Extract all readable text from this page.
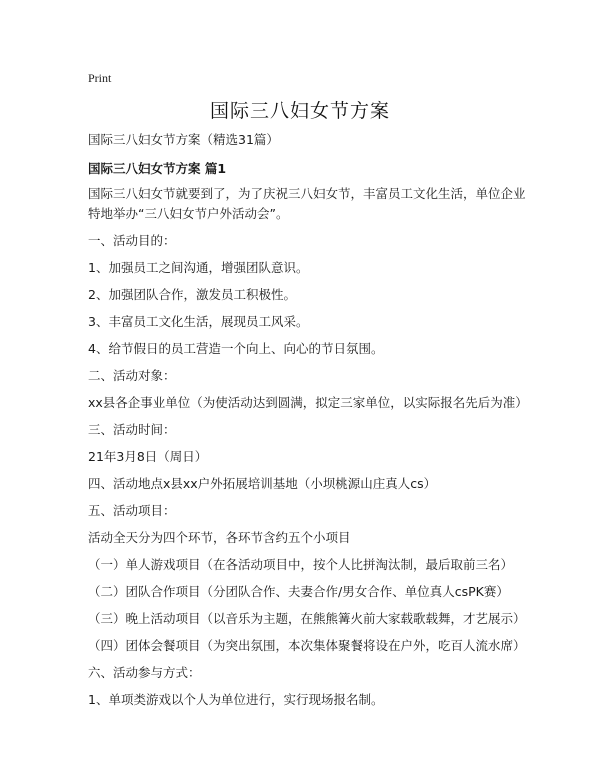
Print
国际三八妇女节方案
国际三八妇女节方案（精选31篇）
国际三八妇女节方案 篇1
国际三八妇女节就要到了，为了庆祝三八妇女节，丰富员工文化生活，单位企业特地举办“三八妇女节户外活动会”。
一、活动目的：
1、加强员工之间沟通，增强团队意识。
2、加强团队合作，激发员工积极性。
3、丰富员工文化生活，展现员工风采。
4、给节假日的员工营造一个向上、向心的节日氛围。
二、活动对象：
xx县各企事业单位（为使活动达到圆满，拟定三家单位，以实际报名先后为准）
三、活动时间：
21年3月8日（周日）
四、活动地点x县xx户外拓展培训基地（小坝桃源山庄真人cs）
五、活动项目：
活动全天分为四个环节，各环节含约五个小项目
（一）单人游戏项目（在各活动项目中，按个人比拼淘汰制，最后取前三名）
（二）团队合作项目（分团队合作、夫妻合作/男女合作、单位真人csPK赛）
（三）晚上活动项目（以音乐为主题，在熊熊篝火前大家载歌载舞，才艺展示）
（四）团体会餐项目（为突出氛围，本次集体聚餐将设在户外，吃百人流水席）
六、活动参与方式：
1、单项类游戏以个人为单位进行，实行现场报名制。
